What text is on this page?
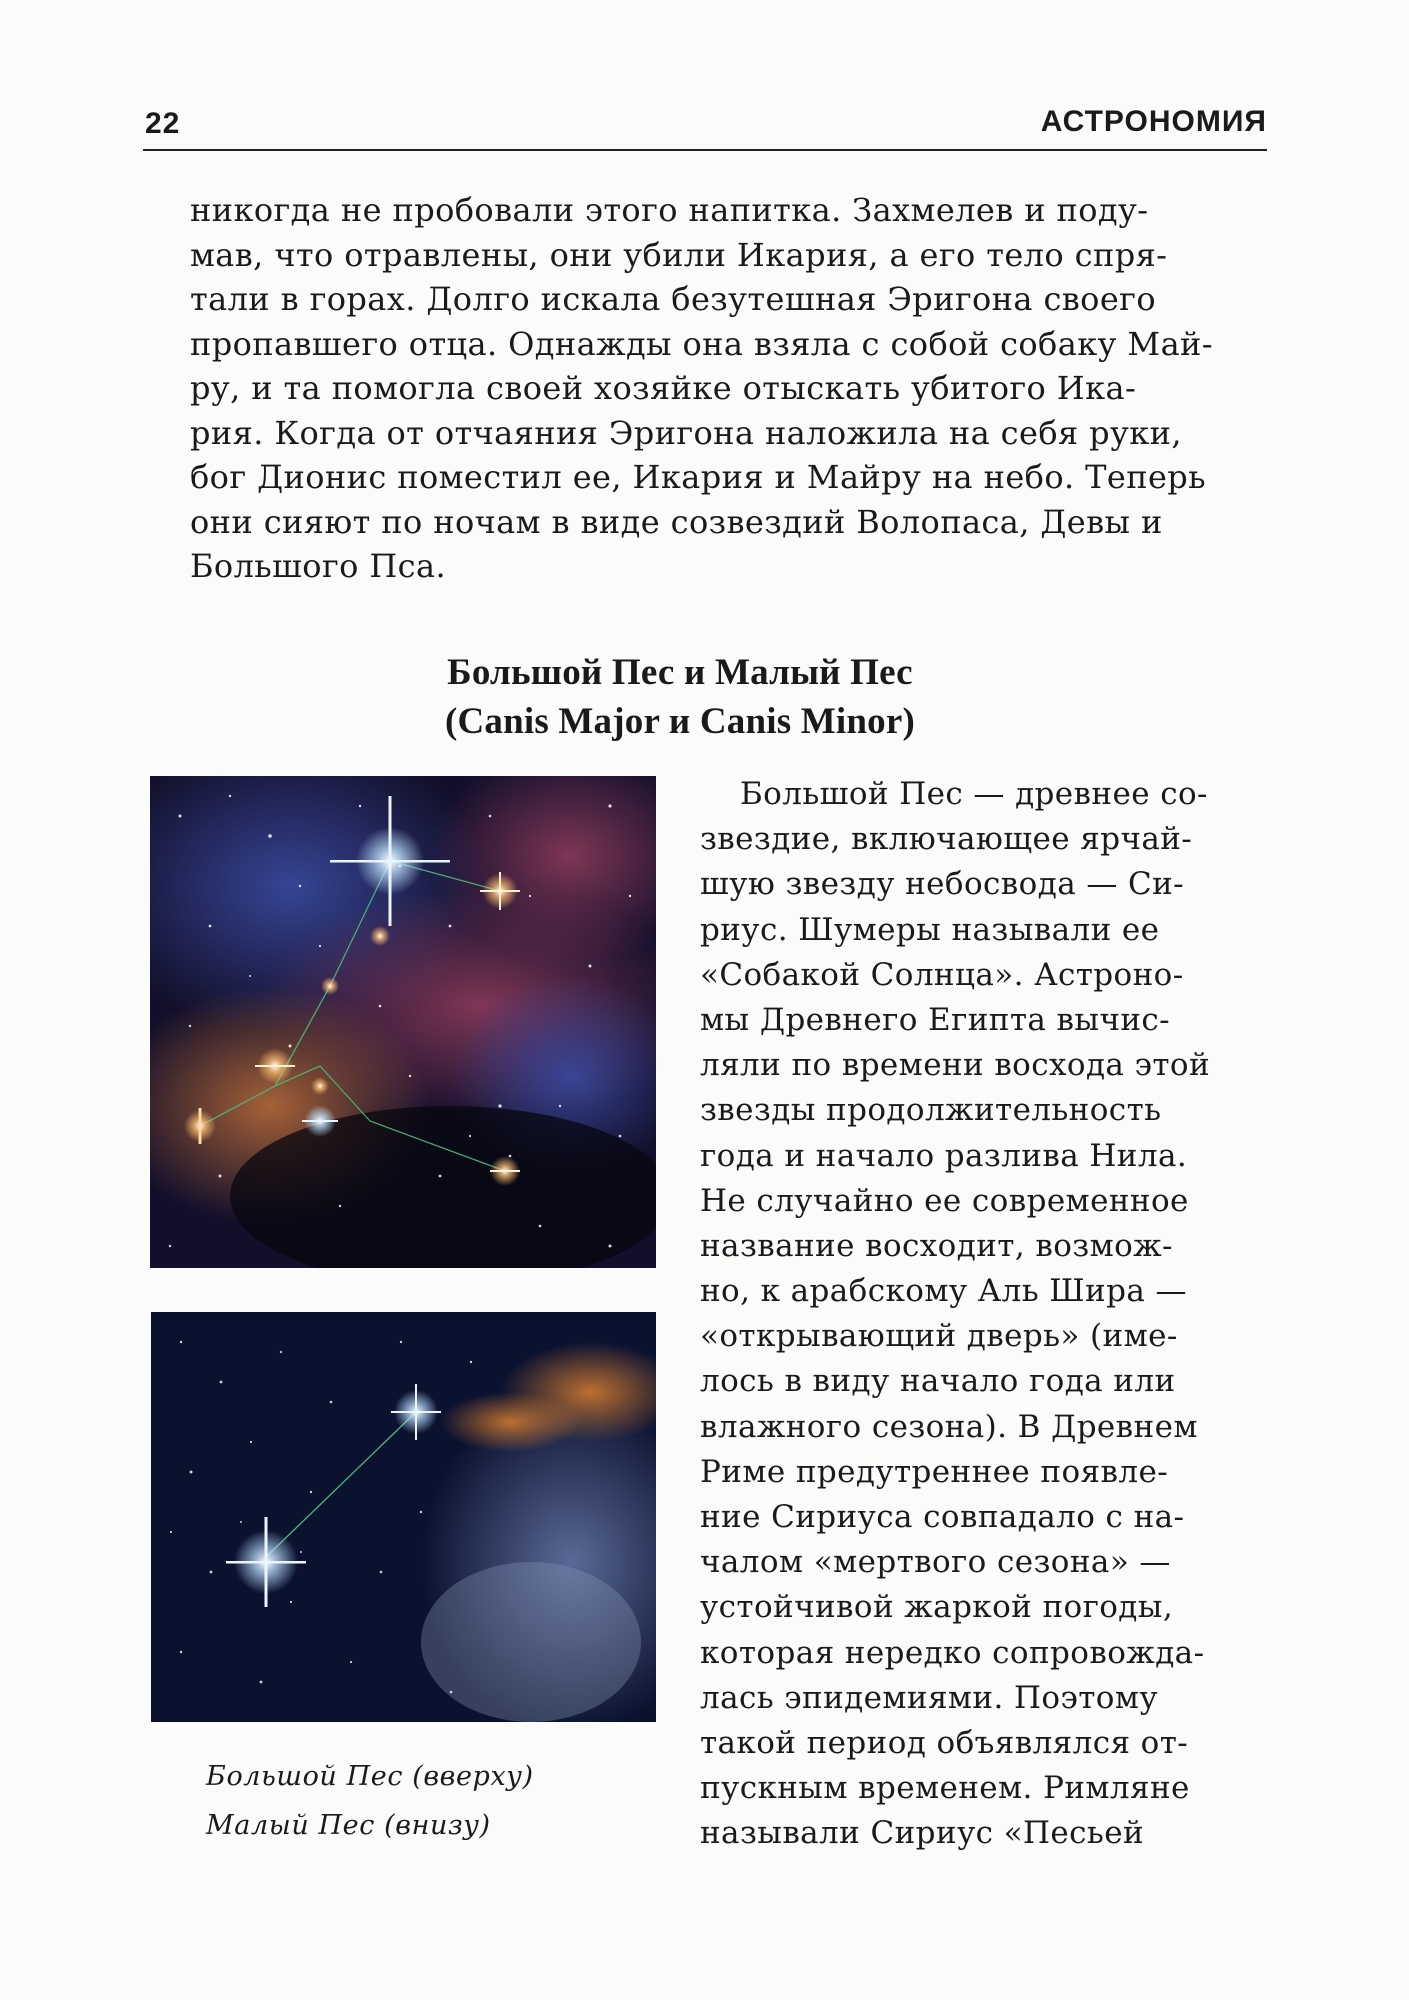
22	АСТРОНОМИЯ
никогда не пробовали этого напитка. Захмелев и поду-
мав, что отравлены, они убили Икария, а его тело спря-
тали в горах. Долго искала безутешная Эригона своего
пропавшего отца. Однажды она взяла с собой собаку Май-
ру, и та помогла своей хозяйке отыскать убитого Ика-
рия. Когда от отчаяния Эригона наложила на себя руки,
бог Дионис поместил ее, Икария и Майру на небо. Теперь
они сияют по ночам в виде созвездий Волопаса, Девы и
Большого Пса.
Большой Пес и Малый Пес
(Canis Major и Canis Minor)
Большой Пес — древнее со-
звездие, включающее ярчай-
шую звезду небосвода — Си-
риус. Шумеры называли ее
«Собакой Солнца». Астроно-
мы Древнего Египта вычис-
ляли по времени восхода этой
звезды продолжительность
года и начало разлива Нила.
Не случайно ее современное
название восходит, возмож-
но, к арабскому Аль Шира —
«открывающий дверь» (име-
лось в виду начало года или
влажного сезона). В Древнем
Риме предутреннее появле-
ние Сириуса совпадало с на-
чалом «мертвого сезона» —
устойчивой жаркой погоды,
которая нередко сопровожда-
лась эпидемиями. Поэтому
такой период объявлялся от-
пускным временем. Римляне
называли Сириус «Песьей
Большой Пес (вверху)
Малый Пес (внизу)
